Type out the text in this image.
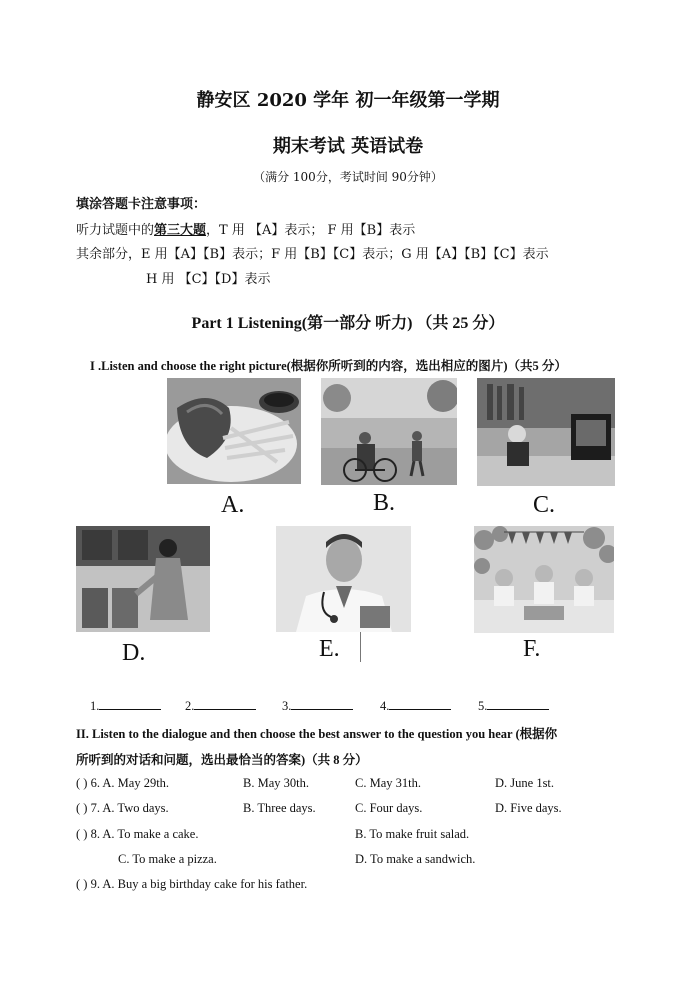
静安区 2020 学年 初一年级第一学期
期末考试 英语试卷
（满分 100分，考试时间 90分钟）
填涂答题卡注意事项：
听力试题中的第三大题，T 用 【A】表示； F 用【B】表示
其余部分，E 用【A】【B】表示；F 用【B】【C】表示；G 用【A】【B】【C】表示
H 用 【C】【D】表示
Part 1 Listening(第一部分 听力) （共 25 分）
I .Listen and choose the right picture(根据你所听到的内容，选出相应的图片)（共5 分）
A.	B.	C.
D.	E.	F.
1.	2.	3.	4.	5.
II. Listen to the dialogue and then choose the best answer to the question you hear (根据你
所听到的对话和问题，选出最恰当的答案)（共 8 分）
( ) 6. A. May 29th.	B. May 30th.	C. May 31th.	D. June 1st.
( ) 7. A. Two days.	B. Three days.	C. Four days.	D. Five days.
( ) 8. A. To make a cake.	B. To make fruit salad.
C. To make a pizza.	D. To make a sandwich.
( ) 9. A. Buy a big birthday cake for his father.
